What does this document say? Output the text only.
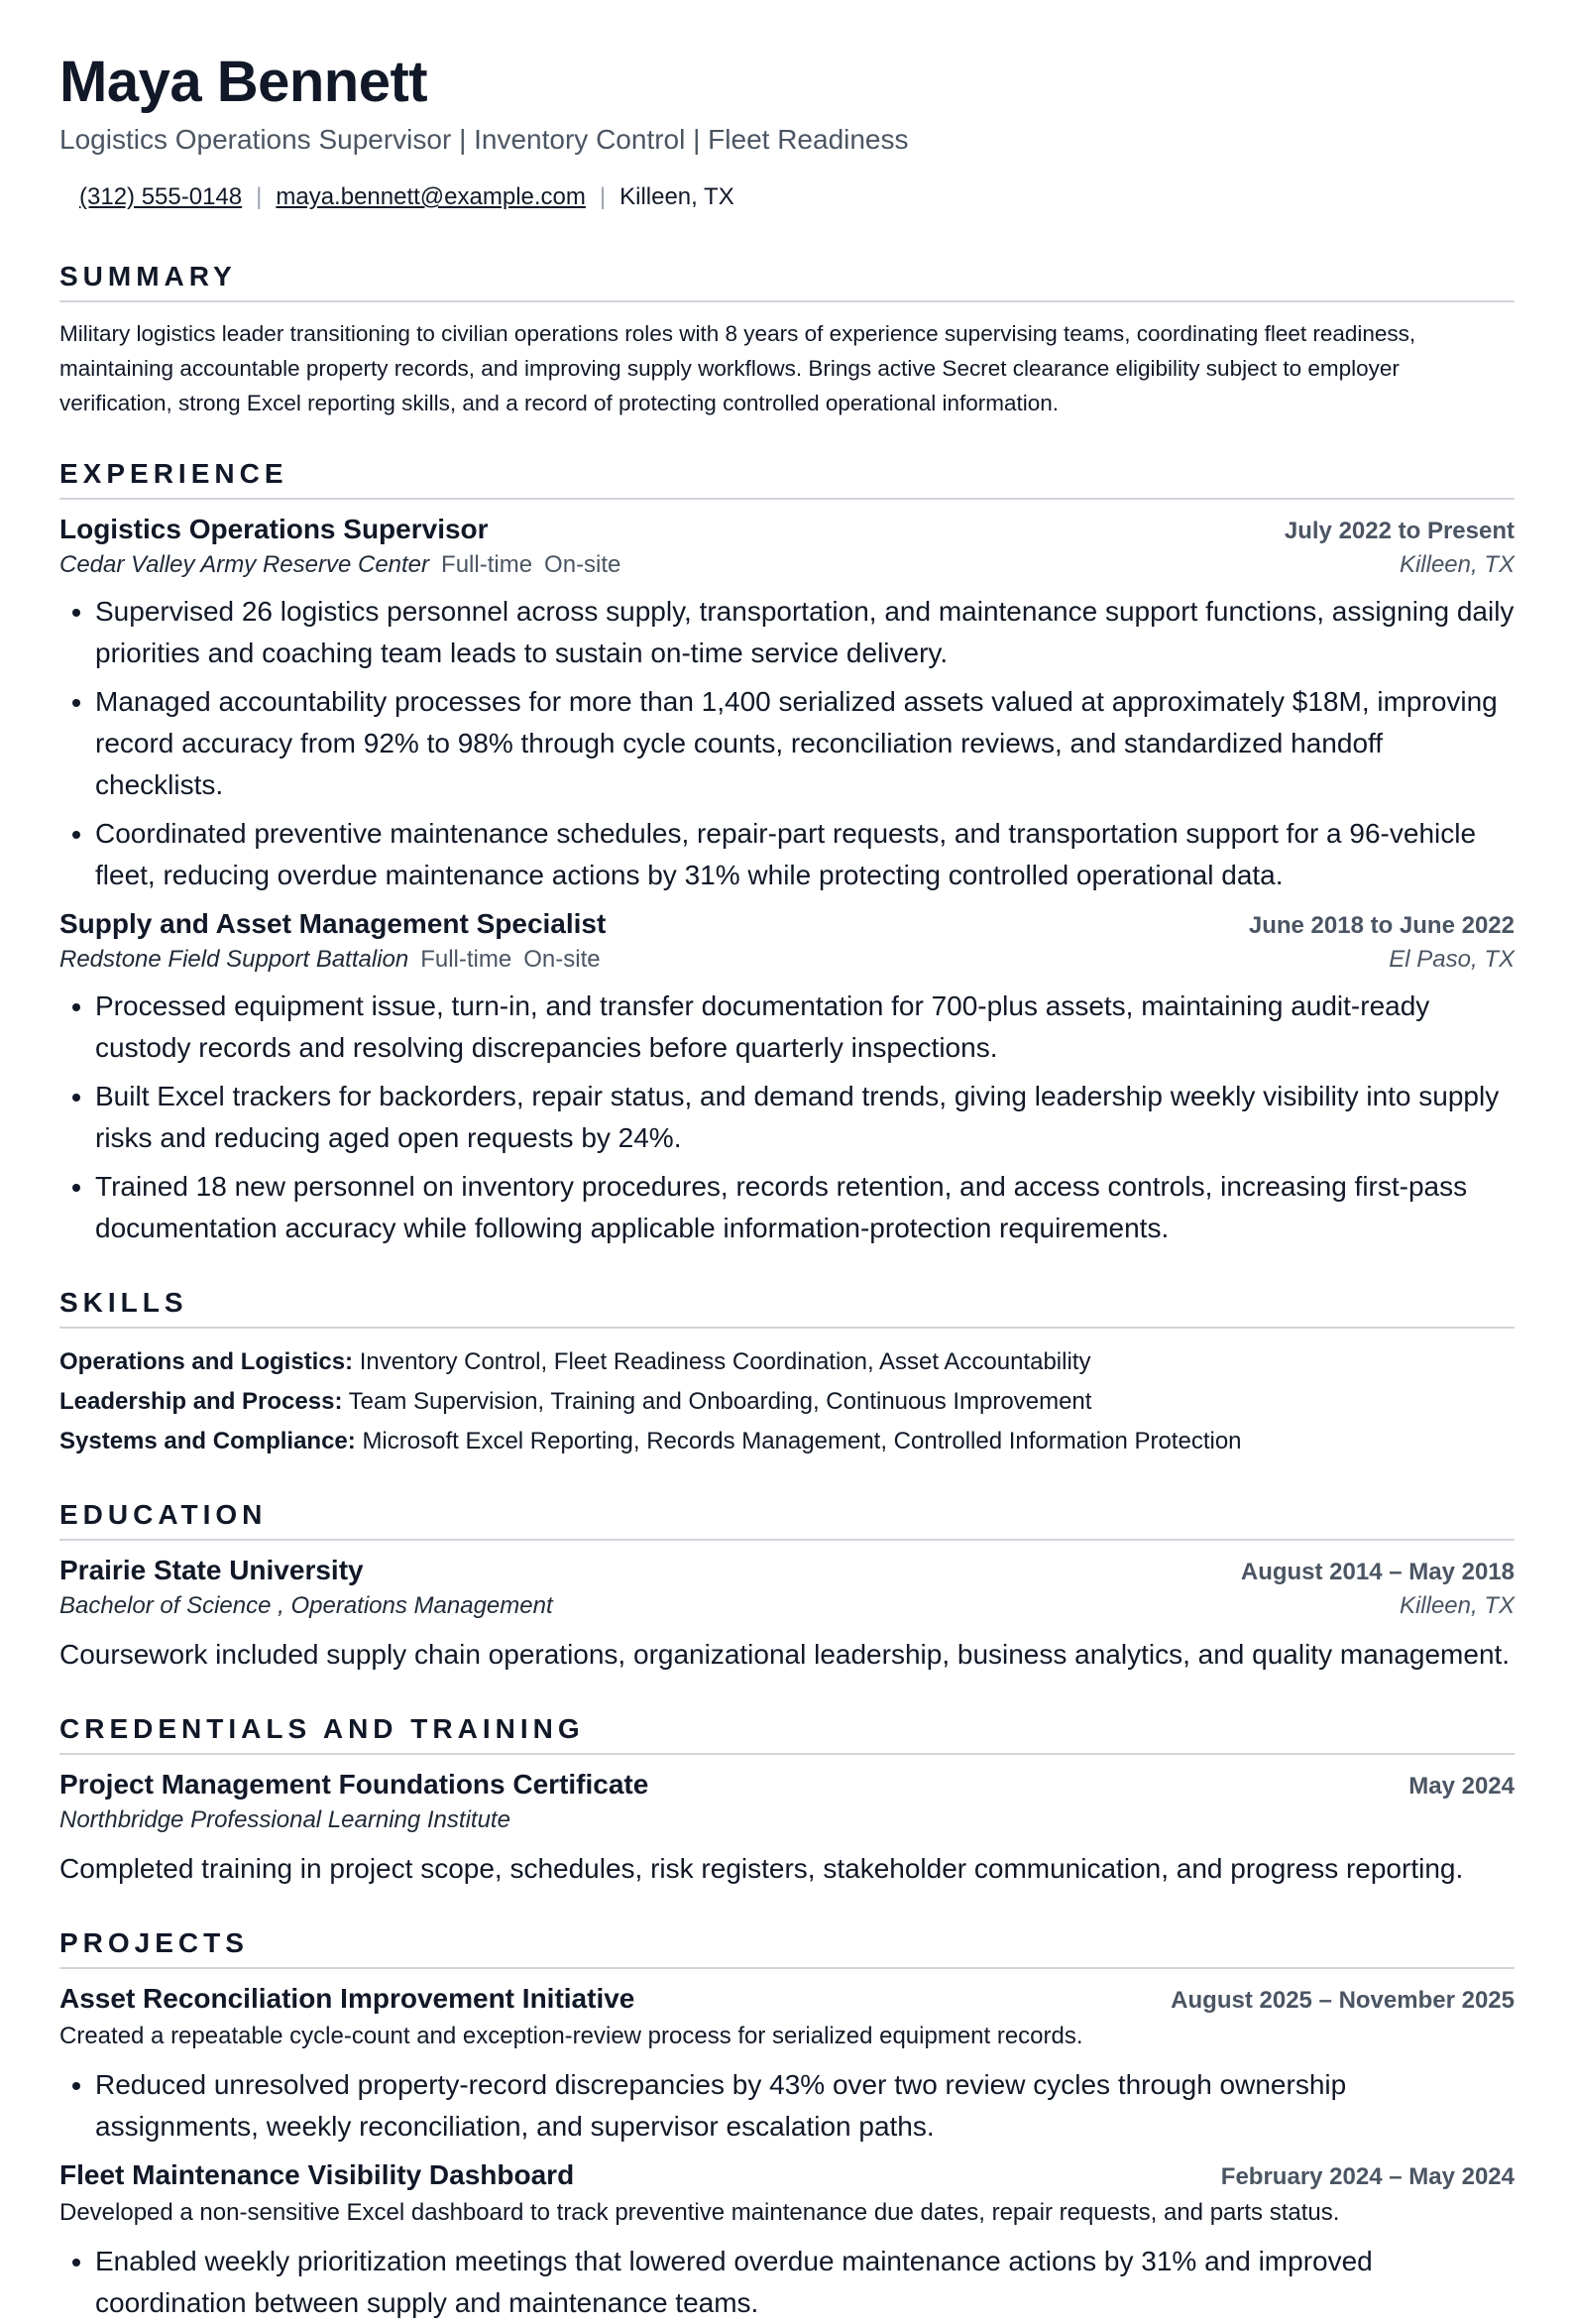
Maya Bennett
Logistics Operations Supervisor | Inventory Control | Fleet Readiness
(312) 555-0148 | maya.bennett@example.com | Killeen, TX
SUMMARY
Military logistics leader transitioning to civilian operations roles with 8 years of experience supervising teams, coordinating fleet readiness, maintaining accountable property records, and improving supply workflows. Brings active Secret clearance eligibility subject to employer verification, strong Excel reporting skills, and a record of protecting controlled operational information.
EXPERIENCE
Logistics Operations Supervisor	July 2022 to Present
Cedar Valley Army Reserve Center Full-time On-site	Killeen, TX
• Supervised 26 logistics personnel across supply, transportation, and maintenance support functions, assigning daily priorities and coaching team leads to sustain on-time service delivery.
• Managed accountability processes for more than 1,400 serialized assets valued at approximately $18M, improving record accuracy from 92% to 98% through cycle counts, reconciliation reviews, and standardized handoff checklists.
• Coordinated preventive maintenance schedules, repair-part requests, and transportation support for a 96-vehicle fleet, reducing overdue maintenance actions by 31% while protecting controlled operational data.
Supply and Asset Management Specialist	June 2018 to June 2022
Redstone Field Support Battalion Full-time On-site	El Paso, TX
• Processed equipment issue, turn-in, and transfer documentation for 700-plus assets, maintaining audit-ready custody records and resolving discrepancies before quarterly inspections.
• Built Excel trackers for backorders, repair status, and demand trends, giving leadership weekly visibility into supply risks and reducing aged open requests by 24%.
• Trained 18 new personnel on inventory procedures, records retention, and access controls, increasing first-pass documentation accuracy while following applicable information-protection requirements.
SKILLS
Operations and Logistics: Inventory Control, Fleet Readiness Coordination, Asset Accountability
Leadership and Process: Team Supervision, Training and Onboarding, Continuous Improvement
Systems and Compliance: Microsoft Excel Reporting, Records Management, Controlled Information Protection
EDUCATION
Prairie State University	August 2014 – May 2018
Bachelor of Science , Operations Management	Killeen, TX
Coursework included supply chain operations, organizational leadership, business analytics, and quality management.
CREDENTIALS AND TRAINING
Project Management Foundations Certificate	May 2024
Northbridge Professional Learning Institute
Completed training in project scope, schedules, risk registers, stakeholder communication, and progress reporting.
PROJECTS
Asset Reconciliation Improvement Initiative	August 2025 – November 2025
Created a repeatable cycle-count and exception-review process for serialized equipment records.
• Reduced unresolved property-record discrepancies by 43% over two review cycles through ownership assignments, weekly reconciliation, and supervisor escalation paths.
Fleet Maintenance Visibility Dashboard	February 2024 – May 2024
Developed a non-sensitive Excel dashboard to track preventive maintenance due dates, repair requests, and parts status.
• Enabled weekly prioritization meetings that lowered overdue maintenance actions by 31% and improved coordination between supply and maintenance teams.
